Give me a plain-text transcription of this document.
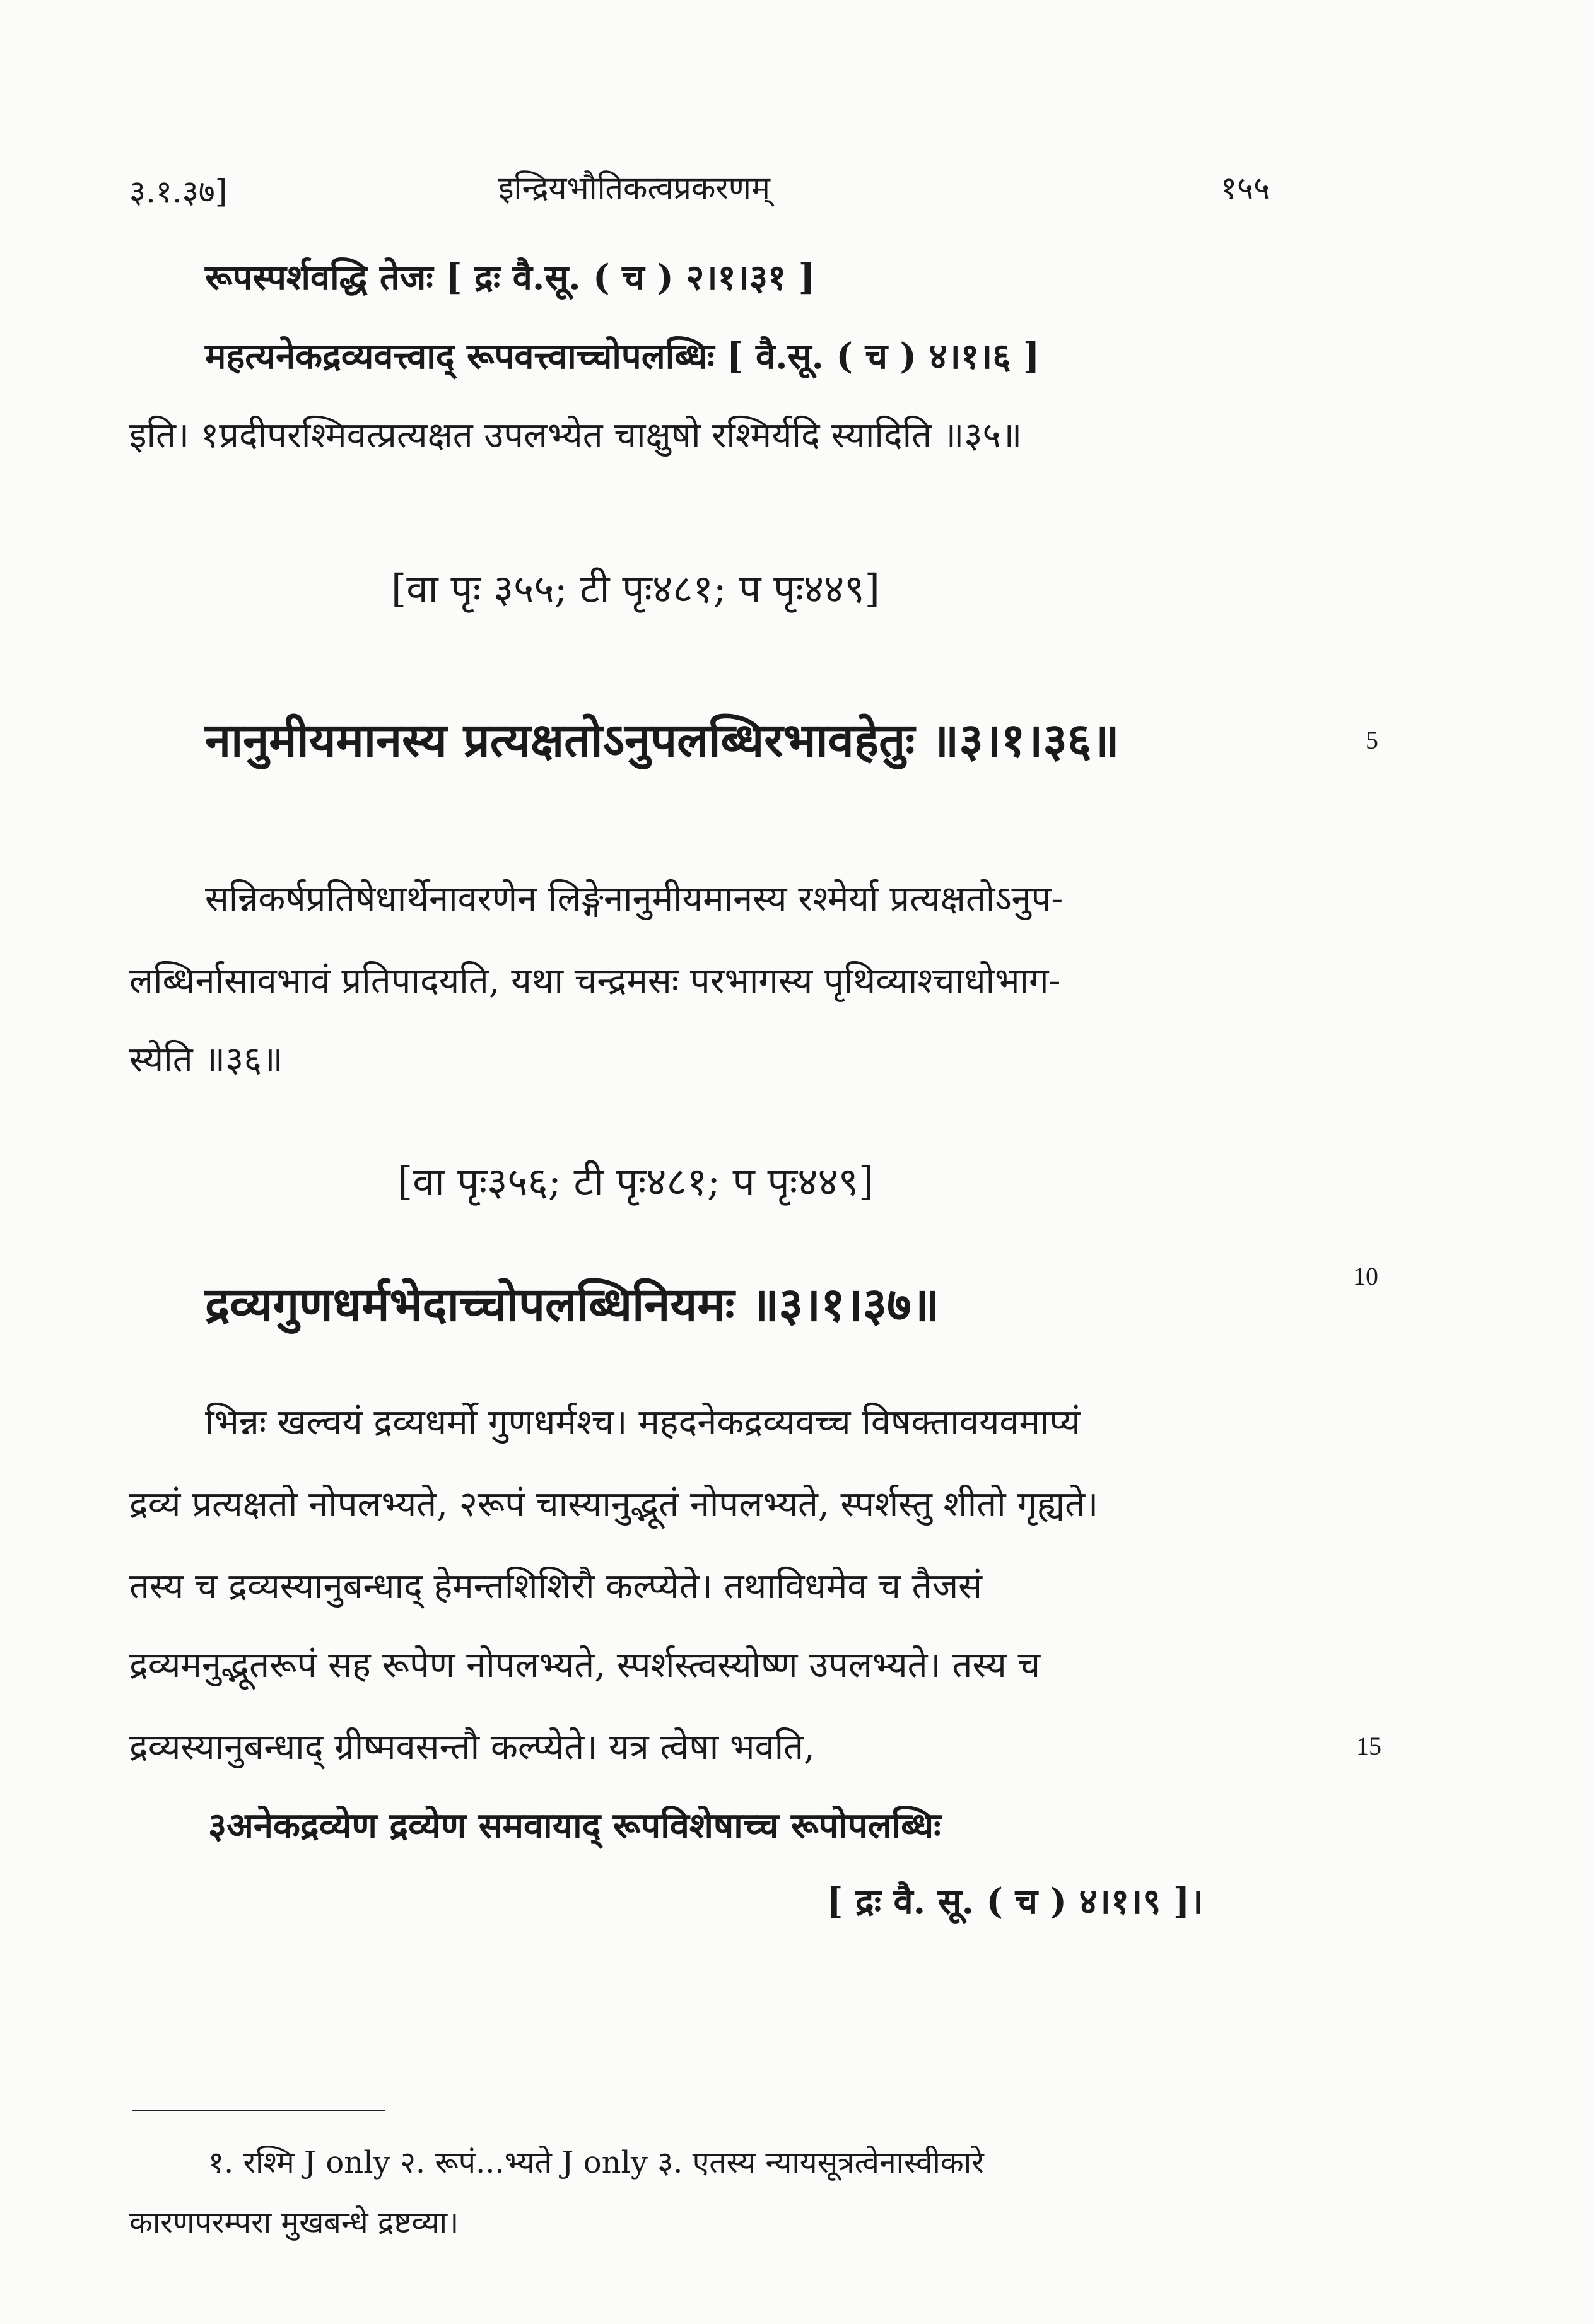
३.१.३७]	इन्द्रियभौतिकत्वप्रकरणम्	१५५
रूपस्पर्शवद्धि तेजः [ द्रः वै.सू. ( च ) २।१।३१ ]
महत्यनेकद्रव्यवत्त्वाद् रूपवत्त्वाच्चोपलब्धिः [ वै.सू. ( च ) ४।१।६ ]
इति। १प्रदीपरश्मिवत्प्रत्यक्षत उपलभ्येत चाक्षुषो रश्मिर्यदि स्यादिति ॥३५॥
[वा पृः ३५५; टी पृः४८१; प पृः४४९]
नानुमीयमानस्य प्रत्यक्षतोऽनुपलब्धिरभावहेतुः ॥३।१।३६॥	5
सन्निकर्षप्रतिषेधार्थेनावरणेन लिङ्गेनानुमीयमानस्य रश्मेर्या प्रत्यक्षतोऽनुप-
लब्धिर्नासावभावं प्रतिपादयति, यथा चन्द्रमसः परभागस्य पृथिव्याश्चाधोभाग-
स्येति ॥३६॥
[वा पृः३५६; टी पृः४८१; प पृः४४९]
द्रव्यगुणधर्मभेदाच्चोपलब्धिनियमः ॥३।१।३७॥
10
भिन्नः खल्वयं द्रव्यधर्मो गुणधर्मश्च। महदनेकद्रव्यवच्च विषक्तावयवमाप्यं
द्रव्यं प्रत्यक्षतो नोपलभ्यते, २रूपं चास्यानुद्भूतं नोपलभ्यते, स्पर्शस्तु शीतो गृह्यते।
तस्य च द्रव्यस्यानुबन्धाद् हेमन्तशिशिरौ कल्प्येते। तथाविधमेव च तैजसं
द्रव्यमनुद्भूतरूपं सह रूपेण नोपलभ्यते, स्पर्शस्त्वस्योष्ण उपलभ्यते। तस्य च
द्रव्यस्यानुबन्धाद् ग्रीष्मवसन्तौ कल्प्येते। यत्र त्वेषा भवति,	15
३अनेकद्रव्येण द्रव्येण समवायाद् रूपविशेषाच्च रूपोपलब्धिः
[ द्रः वै. सू. ( च ) ४।१।९ ]।
१. रश्मि J only २. रूपं...भ्यते J only ३. एतस्य न्यायसूत्रत्वेनास्वीकारे
कारणपरम्परा मुखबन्धे द्रष्टव्या।
